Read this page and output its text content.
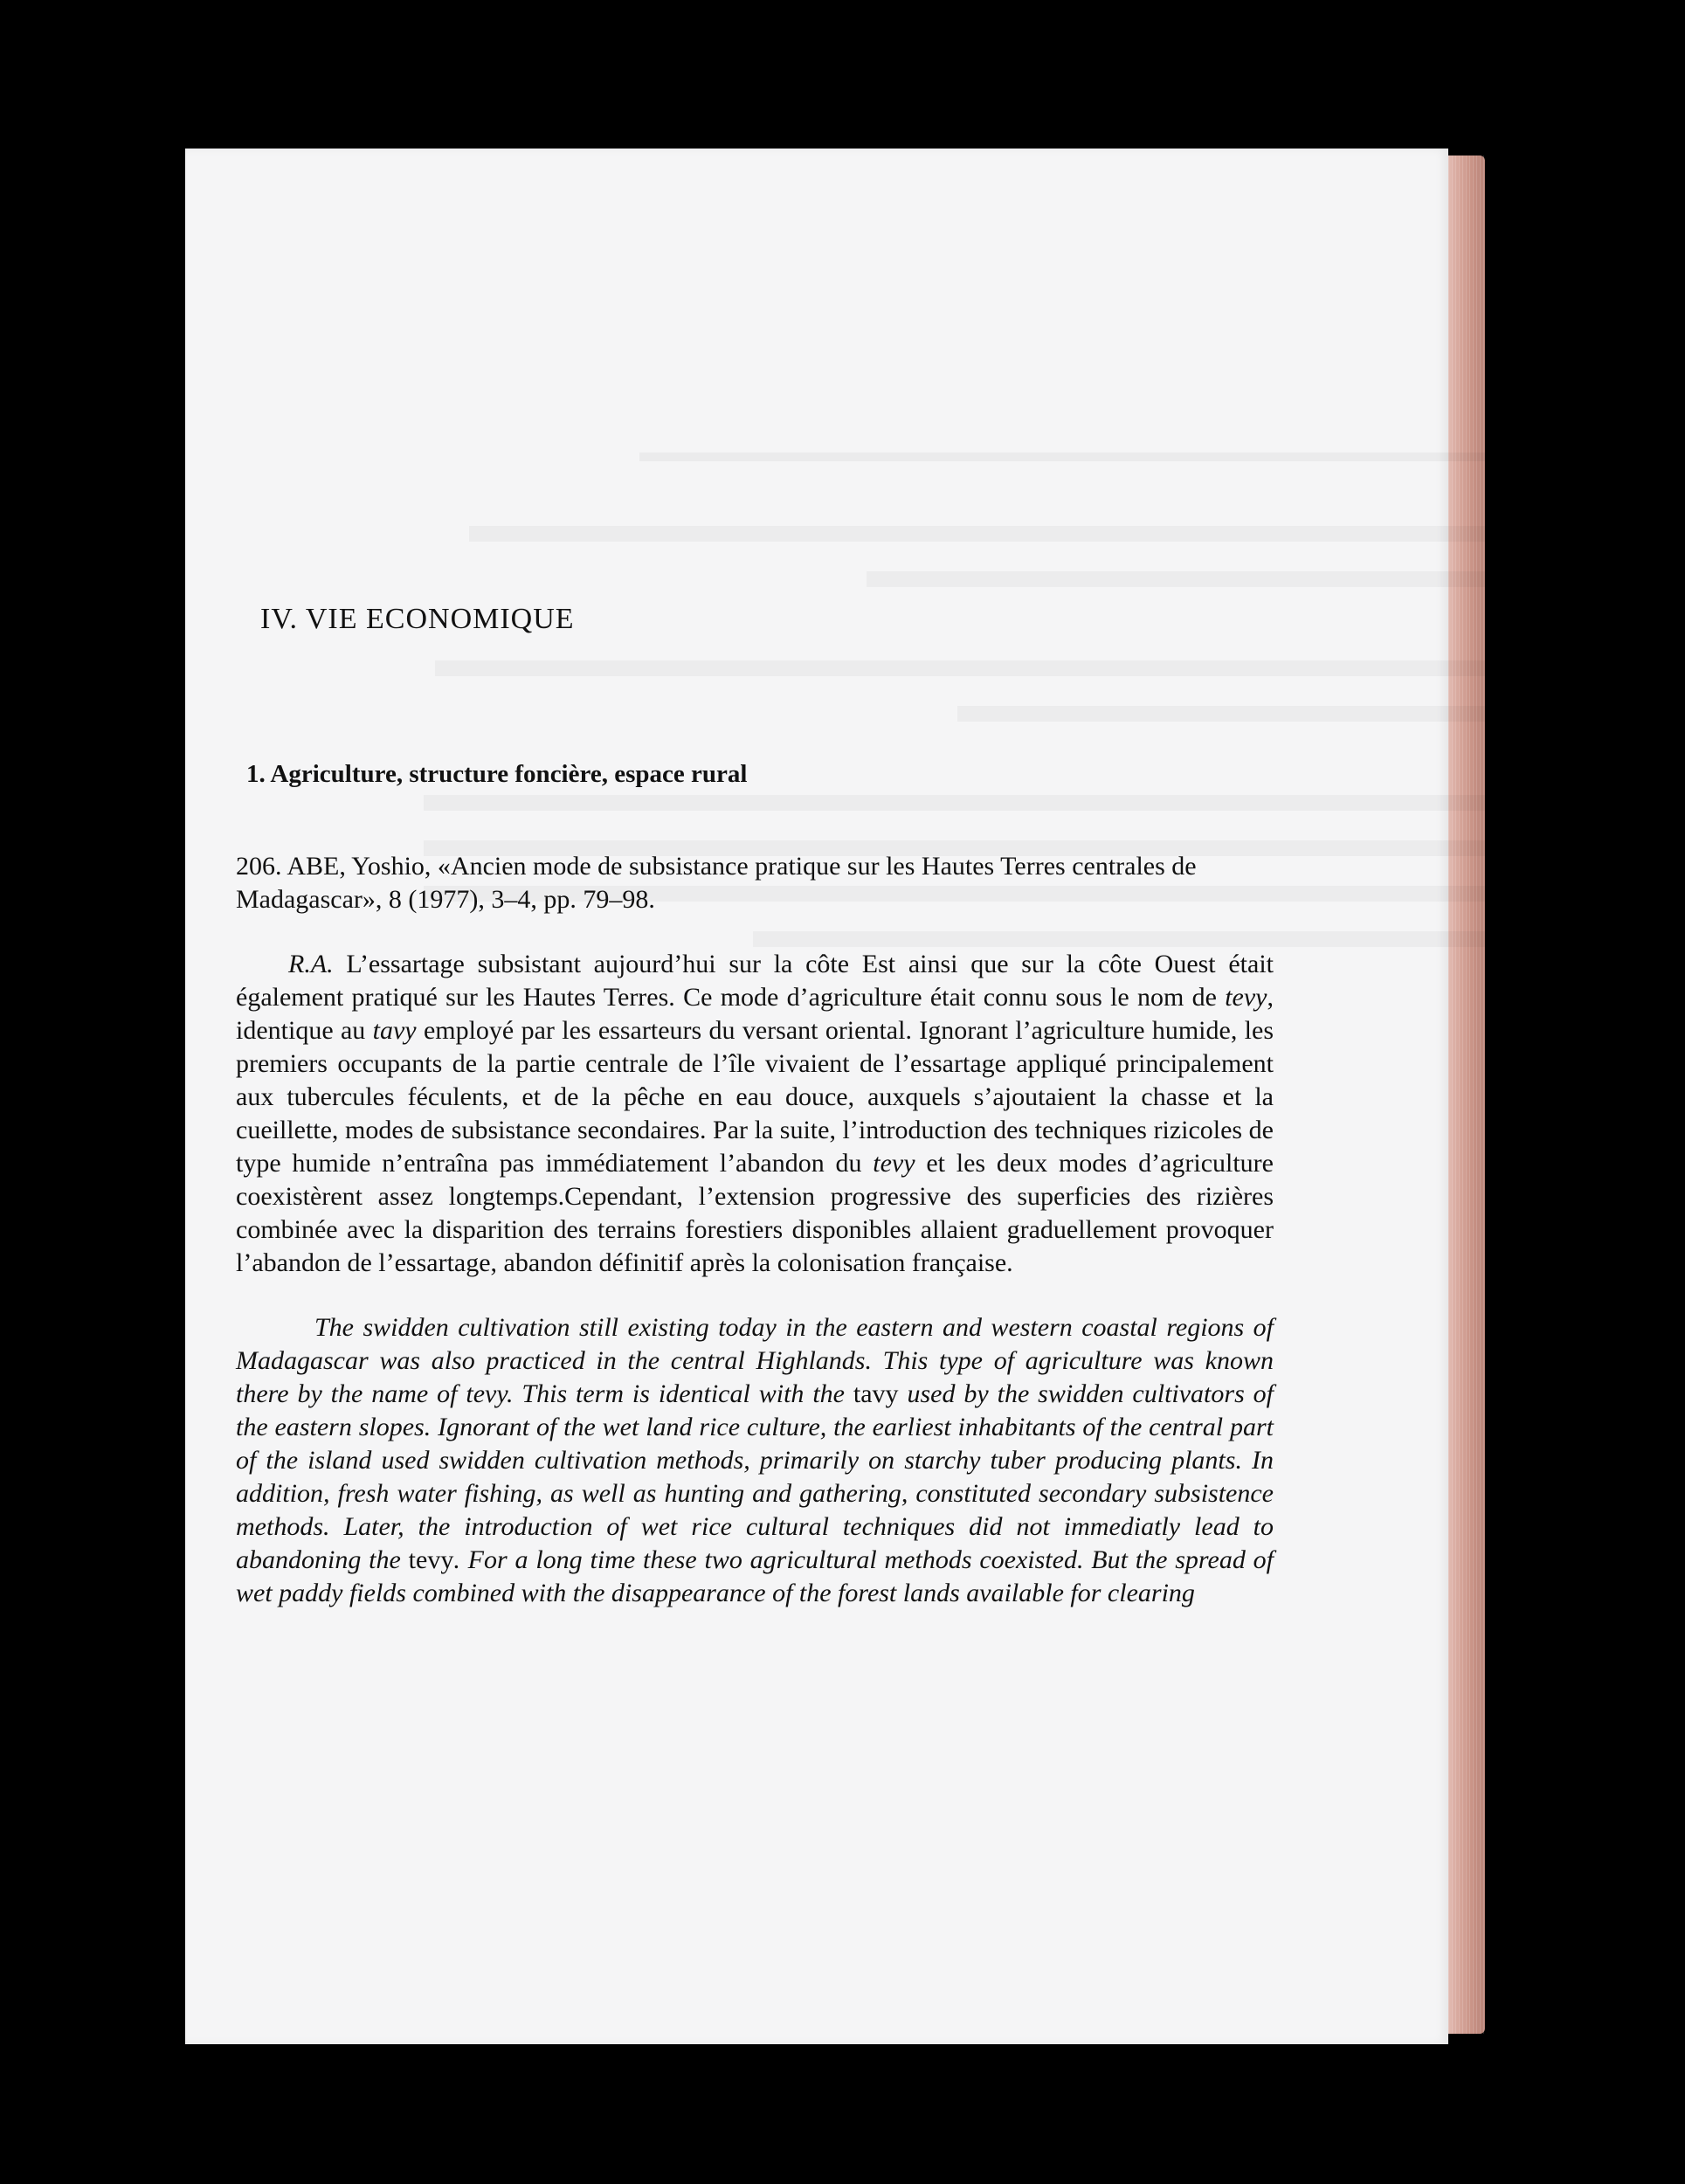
IV. VIE ECONOMIQUE
1. Agriculture, structure foncière, espace rural

206. ABE, Yoshio, «Ancien mode de subsistance pratique sur les Hautes Terres centrales de Madagascar», 8 (1977), 3–4, pp. 79–98.

R.A. L’essartage subsistant aujourd’hui sur la côte Est ainsi que sur la côte Ouest était également pratiqué sur les Hautes Terres. Ce mode d’agriculture était connu sous le nom de tevy, identique au tavy employé par les essarteurs du versant oriental. Ignorant l’agriculture humide, les premiers occupants de la partie centrale de l’île vivaient de l’essartage appliqué principalement aux tubercules féculents, et de la pêche en eau douce, auxquels s’ajoutaient la chasse et la cueillette, modes de subsistance secondaires. Par la suite, l’introduction des techniques rizicoles de type humide n’entraîna pas immédiatement l’abandon du tevy et les deux modes d’agriculture coexistèrent assez longtemps.Cependant, l’extension progressive des superficies des rizières combinée avec la disparition des terrains forestiers disponibles allaient graduellement provoquer l’abandon de l’essartage, abandon définitif après la colonisation française.

The swidden cultivation still existing today in the eastern and western coastal regions of Madagascar was also practiced in the central Highlands. This type of agriculture was known there by the name of tevy. This term is identical with the tavy used by the swidden cultivators of the eastern slopes. Ignorant of the wet land rice culture, the earliest inhabitants of the central part of the island used swidden cultivation methods, primarily on starchy tuber producing plants. In addition, fresh water fishing, as well as hunting and gathering, constituted secondary subsistence methods. Later, the introduction of wet rice cultural techniques did not immediatly lead to abandoning the tevy. For a long time these two agricultural methods coexisted. But the spread of wet paddy fields combined with the disappearance of the forest lands available for clearing
